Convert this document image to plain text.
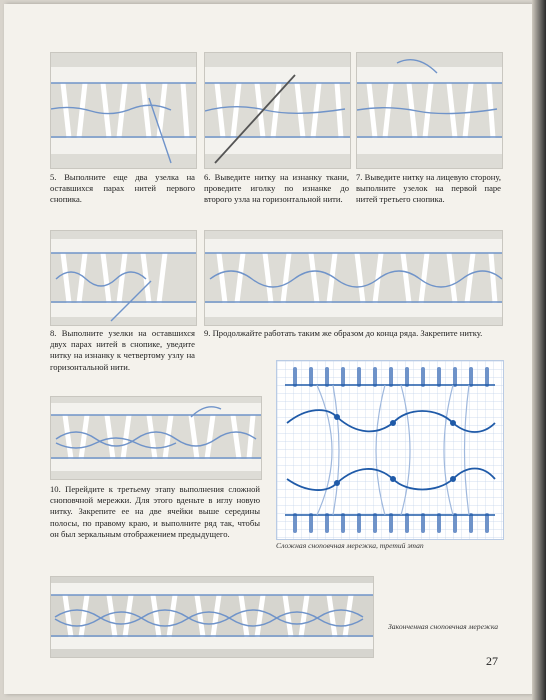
5. Выполните еще два узелка на оставшихся парах нитей первого снопика.
6. Выведите нитку на изнанку ткани, проведите иголку по изнанке до второго узла на горизонтальной нити.
7. Выведите нитку на лицевую сторону, выполните узелок на первой паре нитей третьего снопика.
8. Выполните узелки на оставшихся двух парах нитей в снопике, уведите нитку на изнанку к четвертому узлу на горизонтальной нити.
9. Продолжайте работать таким же образом до конца ряда. Закрепите нитку.
10. Перейдите к третьему этапу выполнения сложной сноповчной мережки. Для этого вденьте в иглу новую нитку. Закрепите ее на две ячейки выше середины полосы, по правому краю, и выполните ряд так, чтобы он был зеркальным отображением предыдущего.
Сложная сноповчная мережка, третий этап
Законченная сноповчная мережка
27
